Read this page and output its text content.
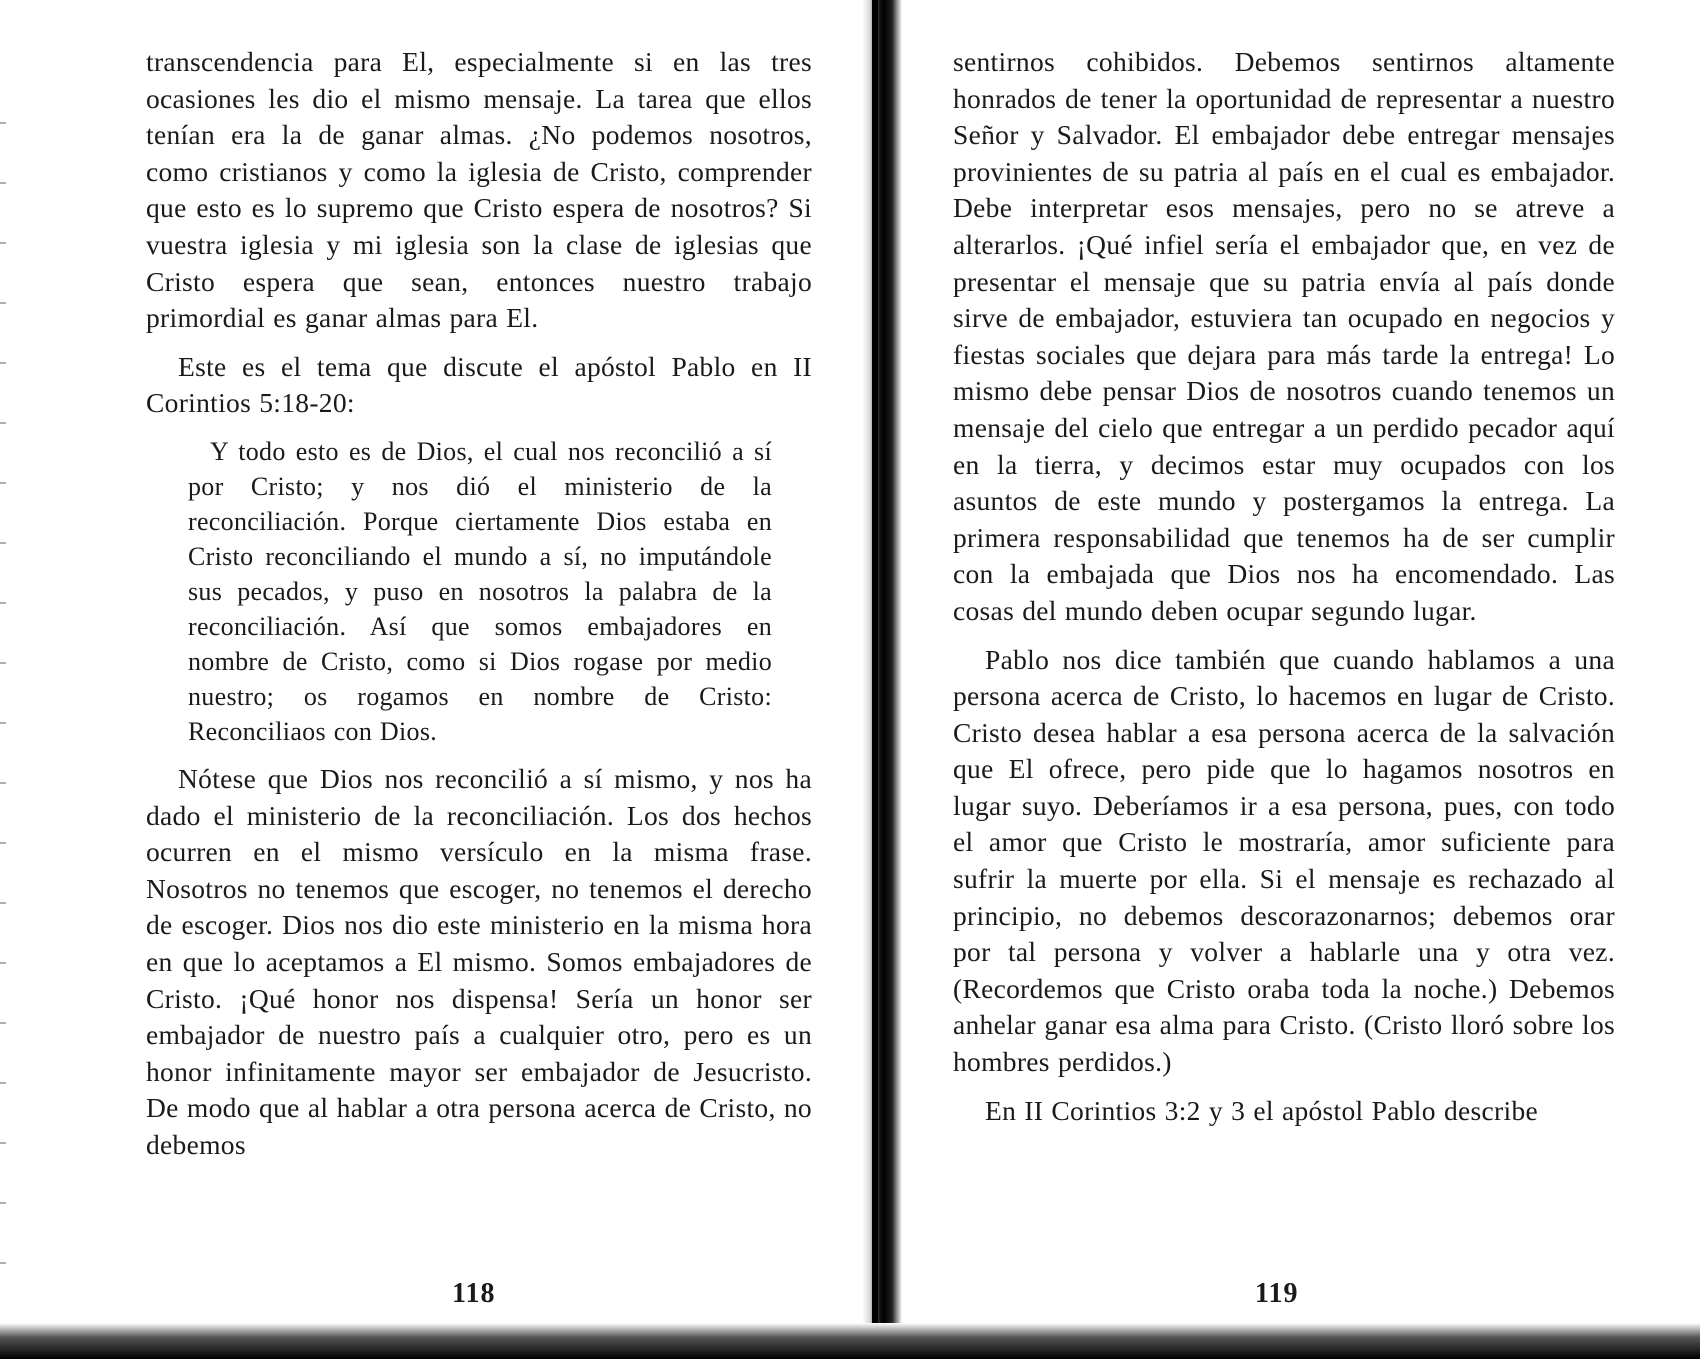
transcendencia para El, especialmente si en las tres ocasiones les dio el mismo mensaje. La tarea que ellos tenían era la de ganar almas. ¿No podemos nosotros, como cristianos y como la iglesia de Cristo, comprender que esto es lo supremo que Cristo espera de nosotros? Si vuestra iglesia y mi iglesia son la clase de iglesias que Cristo espera que sean, entonces nuestro trabajo primordial es ganar almas para El.

Este es el tema que discute el apóstol Pablo en II Corintios 5:18-20:

Y todo esto es de Dios, el cual nos reconcilió a sí por Cristo; y nos dió el ministerio de la reconciliación. Porque ciertamente Dios estaba en Cristo reconciliando el mundo a sí, no imputándole sus pecados, y puso en nosotros la palabra de la reconciliación. Así que somos embajadores en nombre de Cristo, como si Dios rogase por medio nuestro; os rogamos en nombre de Cristo: Reconciliaos con Dios.

Nótese que Dios nos reconcilió a sí mismo, y nos ha dado el ministerio de la reconciliación. Los dos hechos ocurren en el mismo versículo en la misma frase. Nosotros no tenemos que escoger, no tenemos el derecho de escoger. Dios nos dio este ministerio en la misma hora en que lo aceptamos a El mismo. Somos embajadores de Cristo. ¡Qué honor nos dispensa! Sería un honor ser embajador de nuestro país a cualquier otro, pero es un honor infinitamente mayor ser embajador de Jesucristo. De modo que al hablar a otra persona acerca de Cristo, no debemos

118

sentirnos cohibidos. Debemos sentirnos altamente honrados de tener la oportunidad de representar a nuestro Señor y Salvador. El embajador debe entregar mensajes provinientes de su patria al país en el cual es embajador. Debe interpretar esos mensajes, pero no se atreve a alterarlos. ¡Qué infiel sería el embajador que, en vez de presentar el mensaje que su patria envía al país donde sirve de embajador, estuviera tan ocupado en negocios y fiestas sociales que dejara para más tarde la entrega! Lo mismo debe pensar Dios de nosotros cuando tenemos un mensaje del cielo que entregar a un perdido pecador aquí en la tierra, y decimos estar muy ocupados con los asuntos de este mundo y postergamos la entrega. La primera responsabilidad que tenemos ha de ser cumplir con la embajada que Dios nos ha encomendado. Las cosas del mundo deben ocupar segundo lugar.

Pablo nos dice también que cuando hablamos a una persona acerca de Cristo, lo hacemos en lugar de Cristo. Cristo desea hablar a esa persona acerca de la salvación que El ofrece, pero pide que lo hagamos nosotros en lugar suyo. Deberíamos ir a esa persona, pues, con todo el amor que Cristo le mostraría, amor suficiente para sufrir la muerte por ella. Si el mensaje es rechazado al principio, no debemos descorazonarnos; debemos orar por tal persona y volver a hablarle una y otra vez. (Recordemos que Cristo oraba toda la noche.) Debemos anhelar ganar esa alma para Cristo. (Cristo lloró sobre los hombres perdidos.)

En II Corintios 3:2 y 3 el apóstol Pablo describe

119
